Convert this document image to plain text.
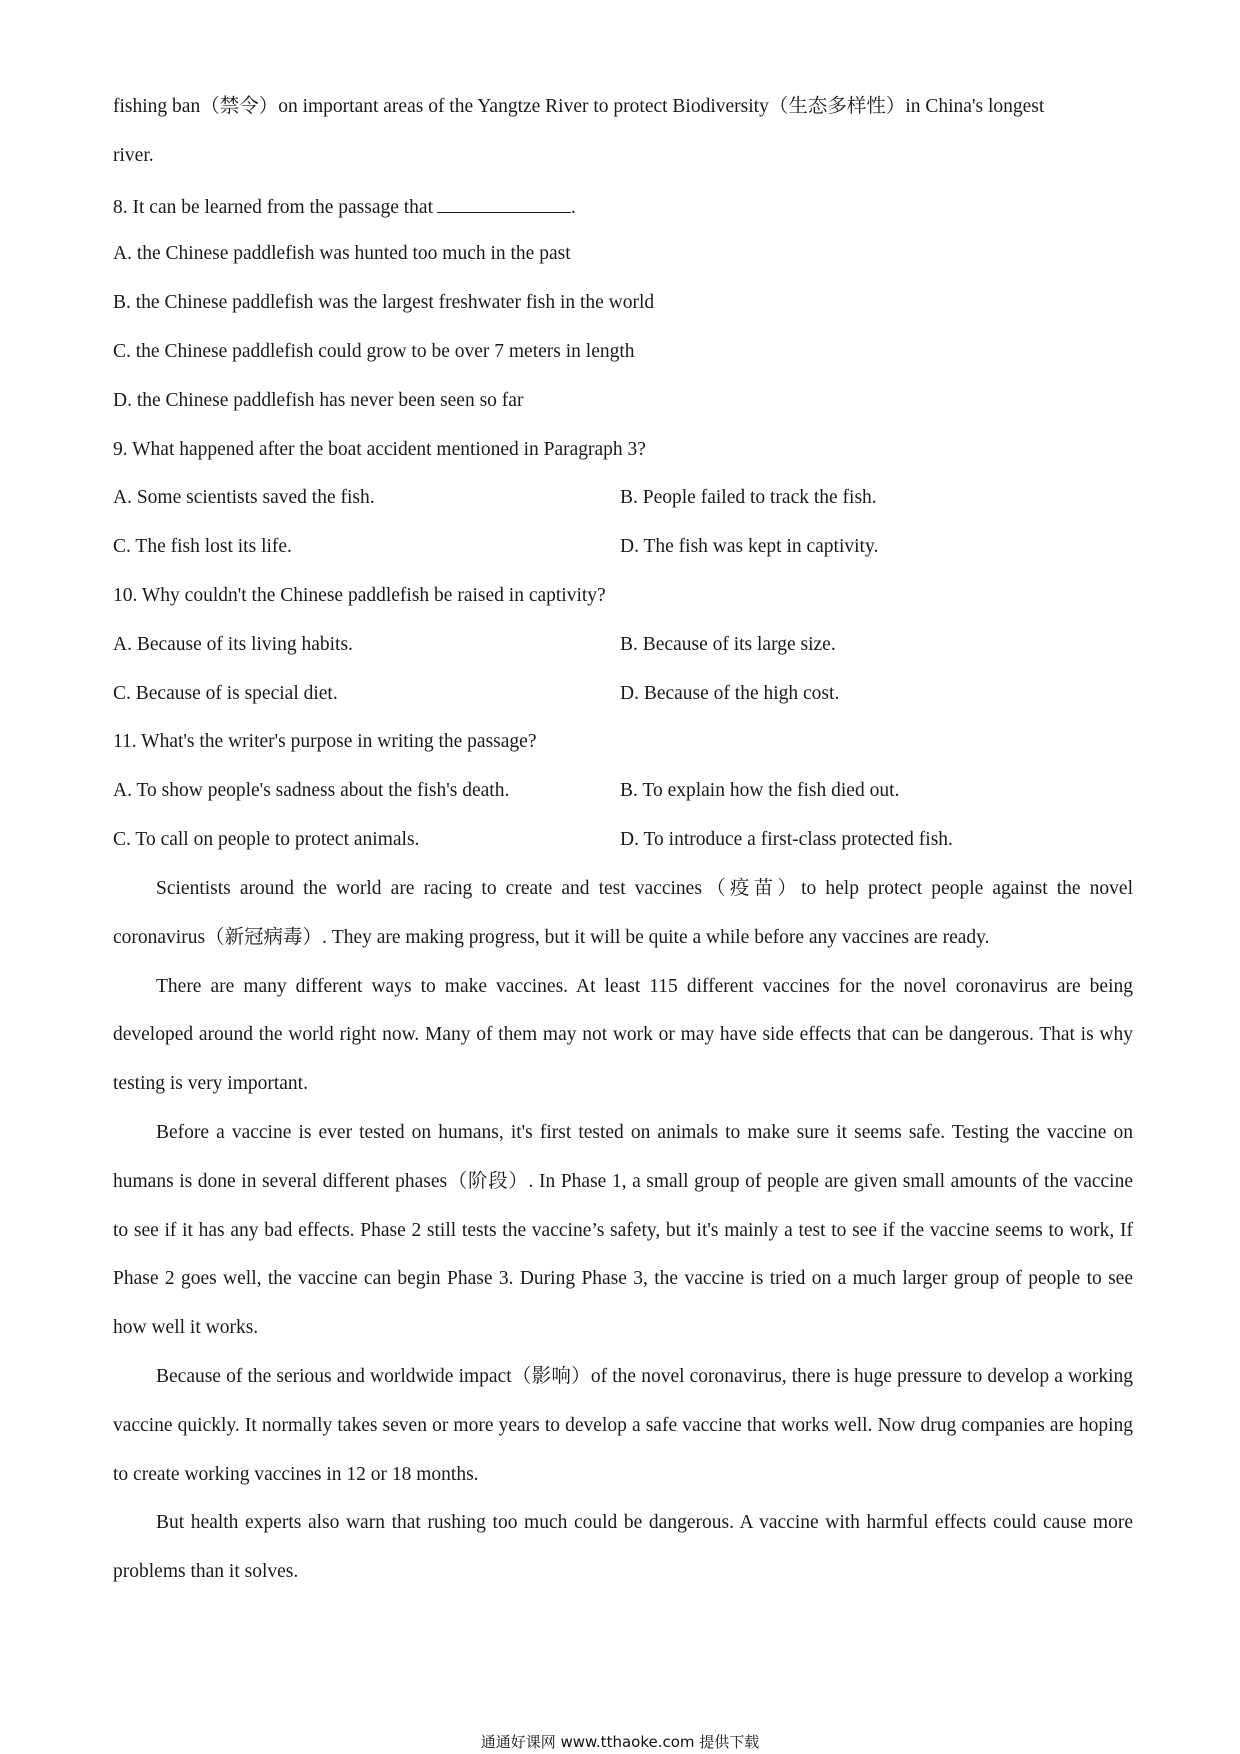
fishing ban（禁令）on important areas of the Yangtze River to protect Biodiversity（生态多样性）in China's longest
river.

8. It can be learned from the passage that	.
A. the Chinese paddlefish was hunted too much in the past
B. the Chinese paddlefish was the largest freshwater fish in the world
C. the Chinese paddlefish could grow to be over 7 meters in length
D. the Chinese paddlefish has never been seen so far
9. What happened after the boat accident mentioned in Paragraph 3?
A. Some scientists saved the fish.	B. People failed to track the fish.
C. The fish lost its life.	D. The fish was kept in captivity.
10. Why couldn't the Chinese paddlefish be raised in captivity?
A. Because of its living habits.	B. Because of its large size.
C. Because of is special diet.	D. Because of the high cost.
11. What's the writer's purpose in writing the passage?
A. To show people's sadness about the fish's death.	B. To explain how the fish died out.
C. To call on people to protect animals.	D. To introduce a first-class protected fish.

Scientists around the world are racing to create and test vaccines（疫苗）to help protect people against the novel coronavirus（新冠病毒）. They are making progress, but it will be quite a while before any vaccines are ready.

There are many different ways to make vaccines. At least 115 different vaccines for the novel coronavirus are being developed around the world right now. Many of them may not work or may have side effects that can be dangerous. That is why testing is very important.

Before a vaccine is ever tested on humans, it's first tested on animals to make sure it seems safe. Testing the vaccine on humans is done in several different phases（阶段）. In Phase 1, a small group of people are given small amounts of the vaccine to see if it has any bad effects. Phase 2 still tests the vaccine’s safety, but it's mainly a test to see if the vaccine seems to work, If Phase 2 goes well, the vaccine can begin Phase 3. During Phase 3, the vaccine is tried on a much larger group of people to see how well it works.

Because of the serious and worldwide impact（影响）of the novel coronavirus, there is huge pressure to develop a working vaccine quickly. It normally takes seven or more years to develop a safe vaccine that works well. Now drug companies are hoping to create working vaccines in 12 or 18 months.

But health experts also warn that rushing too much could be dangerous. A vaccine with harmful effects could cause more problems than it solves.

通通好课网 www.tthaoke.com 提供下载
